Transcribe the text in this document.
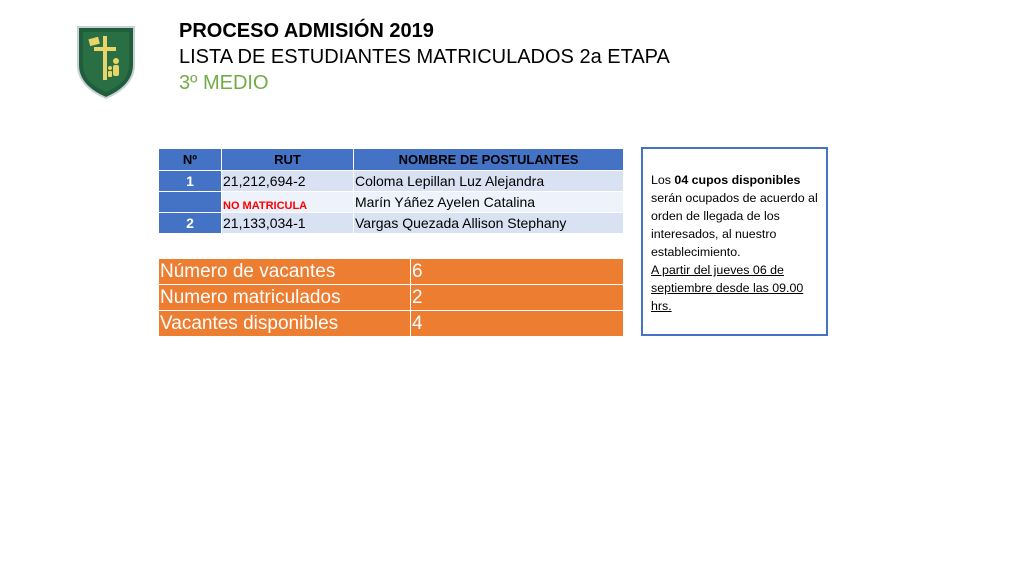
PROCESO ADMISIÓN 2019
LISTA DE ESTUDIANTES MATRICULADOS 2a ETAPA
3º MEDIO
Nº	RUT	NOMBRE DE POSTULANTES
1	21,212,694-2	Coloma Lepillan Luz Alejandra
	NO MATRICULA	Marín Yáñez Ayelen Catalina
2	21,133,034-1	Vargas Quezada Allison Stephany
Número de vacantes	6
Numero matriculados	2
Vacantes disponibles	4
Los 04 cupos disponibles serán ocupados de acuerdo al orden de llegada de los interesados, al nuestro establecimiento.
A partir del jueves 06 de septiembre desde las 09.00 hrs.
